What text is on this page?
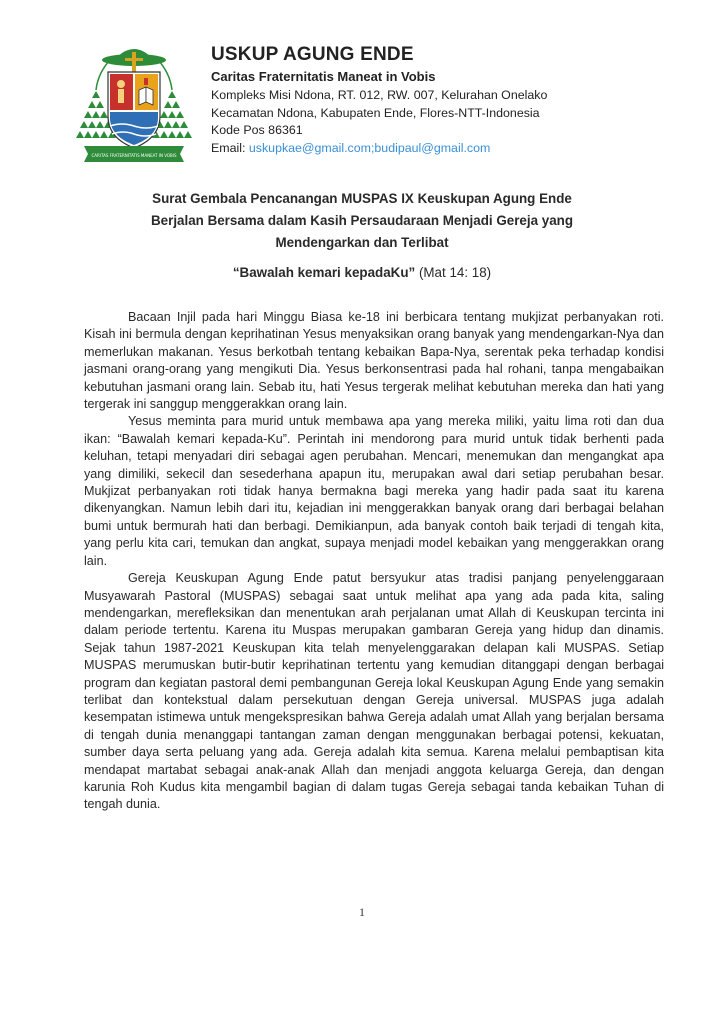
CARITAS FRATERNITATIS MANEAT IN VOBIS

USKUP AGUNG ENDE

Caritas Fraternitatis Maneat in Vobis

Kompleks Misi Ndona, RT. 012, RW. 007, Kelurahan Onelako

Kecamatan Ndona, Kabupaten Ende, Flores-NTT-Indonesia

Kode Pos 86361

Email: uskupkae@gmail.com;budipaul@gmail.com

Surat Gembala Pencanangan MUSPAS IX Keuskupan Agung Ende

Berjalan Bersama dalam Kasih Persaudaraan Menjadi Gereja yang

Mendengarkan dan Terlibat

“Bawalah kemari kepadaKu” (Mat 14: 18)

Bacaan Injil pada hari Minggu Biasa ke-18 ini berbicara tentang mukjizat perbanyakan roti. Kisah ini bermula dengan keprihatinan Yesus menyaksikan orang banyak yang mendengarkan-Nya dan memerlukan makanan. Yesus berkotbah tentang kebaikan Bapa-Nya, serentak peka terhadap kondisi jasmani orang-orang yang mengikuti Dia. Yesus berkonsentrasi pada hal rohani, tanpa mengabaikan kebutuhan jasmani orang lain. Sebab itu, hati Yesus tergerak melihat kebutuhan mereka dan hati yang tergerak ini sanggup menggerakkan orang lain.

Yesus meminta para murid untuk membawa apa yang mereka miliki, yaitu lima roti dan dua ikan: “Bawalah kemari kepada-Ku”. Perintah ini mendorong para murid untuk tidak berhenti pada keluhan, tetapi menyadari diri sebagai agen perubahan. Mencari, menemukan dan mengangkat apa yang dimiliki, sekecil dan sesederhana apapun itu, merupakan awal dari setiap perubahan besar. Mukjizat perbanyakan roti tidak hanya bermakna bagi mereka yang hadir pada saat itu karena dikenyangkan. Namun lebih dari itu, kejadian ini menggerakkan banyak orang dari berbagai belahan bumi untuk bermurah hati dan berbagi. Demikianpun, ada banyak contoh baik terjadi di tengah kita, yang perlu kita cari, temukan dan angkat, supaya menjadi model kebaikan yang menggerakkan orang lain.

Gereja Keuskupan Agung Ende patut bersyukur atas tradisi panjang penyelenggaraan Musyawarah Pastoral (MUSPAS) sebagai saat untuk melihat apa yang ada pada kita, saling mendengarkan, merefleksikan dan menentukan arah perjalanan umat Allah di Keuskupan tercinta ini dalam periode tertentu. Karena itu Muspas merupakan gambaran Gereja yang hidup dan dinamis. Sejak tahun 1987-2021 Keuskupan kita telah menyelenggarakan delapan kali MUSPAS. Setiap MUSPAS merumuskan butir-butir keprihatinan tertentu yang kemudian ditanggapi dengan berbagai program dan kegiatan pastoral demi pembangunan Gereja lokal Keuskupan Agung Ende yang semakin terlibat dan kontekstual dalam persekutuan dengan Gereja universal. MUSPAS juga adalah kesempatan istimewa untuk mengekspresikan bahwa Gereja adalah umat Allah yang berjalan bersama di tengah dunia menanggapi tantangan zaman dengan menggunakan berbagai potensi, kekuatan, sumber daya serta peluang yang ada. Gereja adalah kita semua. Karena melalui pembaptisan kita mendapat martabat sebagai anak-anak Allah dan menjadi anggota keluarga Gereja, dan dengan karunia Roh Kudus kita mengambil bagian di dalam tugas Gereja sebagai tanda kebaikan Tuhan di tengah dunia.

1
